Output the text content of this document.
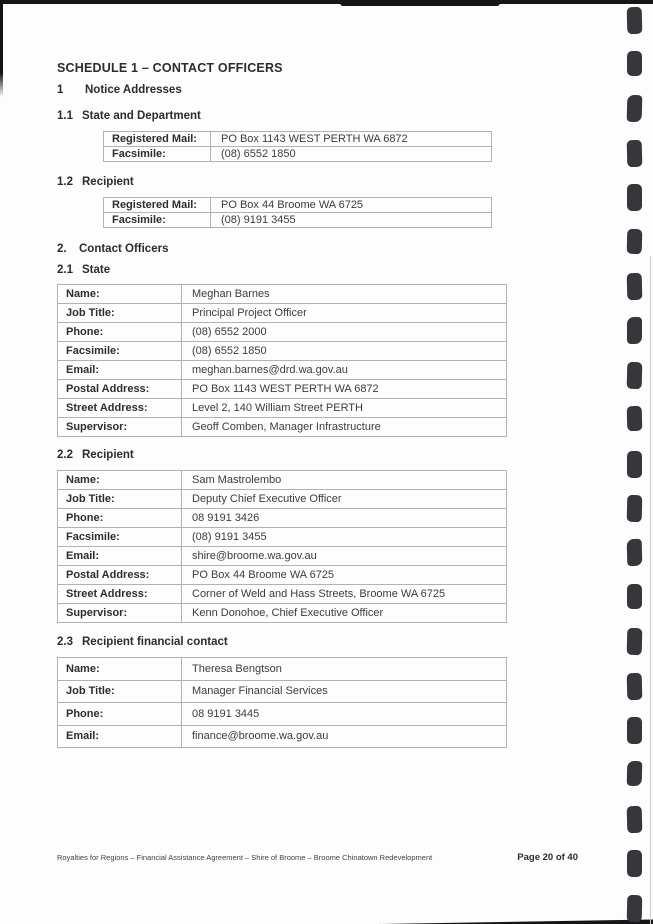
SCHEDULE 1 – CONTACT OFFICERS
1 Notice Addresses
1.1 State and Department
Registered Mail:	PO Box 1143 WEST PERTH WA 6872
Facsimile:	(08) 6552 1850
1.2 Recipient
Registered Mail:	PO Box 44 Broome WA 6725
Facsimile:	(08) 9191 3455
2. Contact Officers
2.1 State
Name:	Meghan Barnes
Job Title:	Principal Project Officer
Phone:	(08) 6552 2000
Facsimile:	(08) 6552 1850
Email:	meghan.barnes@drd.wa.gov.au
Postal Address:	PO Box 1143 WEST PERTH WA 6872
Street Address:	Level 2, 140 William Street PERTH
Supervisor:	Geoff Comben, Manager Infrastructure
2.2 Recipient
Name:	Sam Mastrolembo
Job Title:	Deputy Chief Executive Officer
Phone:	08 9191 3426
Facsimile:	(08) 9191 3455
Email:	shire@broome.wa.gov.au
Postal Address:	PO Box 44 Broome WA 6725
Street Address:	Corner of Weld and Hass Streets, Broome WA 6725
Supervisor:	Kenn Donohoe, Chief Executive Officer
2.3 Recipient financial contact
Name:	Theresa Bengtson
Job Title:	Manager Financial Services
Phone:	08 9191 3445
Email:	finance@broome.wa.gov.au
Royalties for Regions – Financial Assistance Agreement – Shire of Broome – Broome Chinatown Redevelopment	Page 20 of 40
